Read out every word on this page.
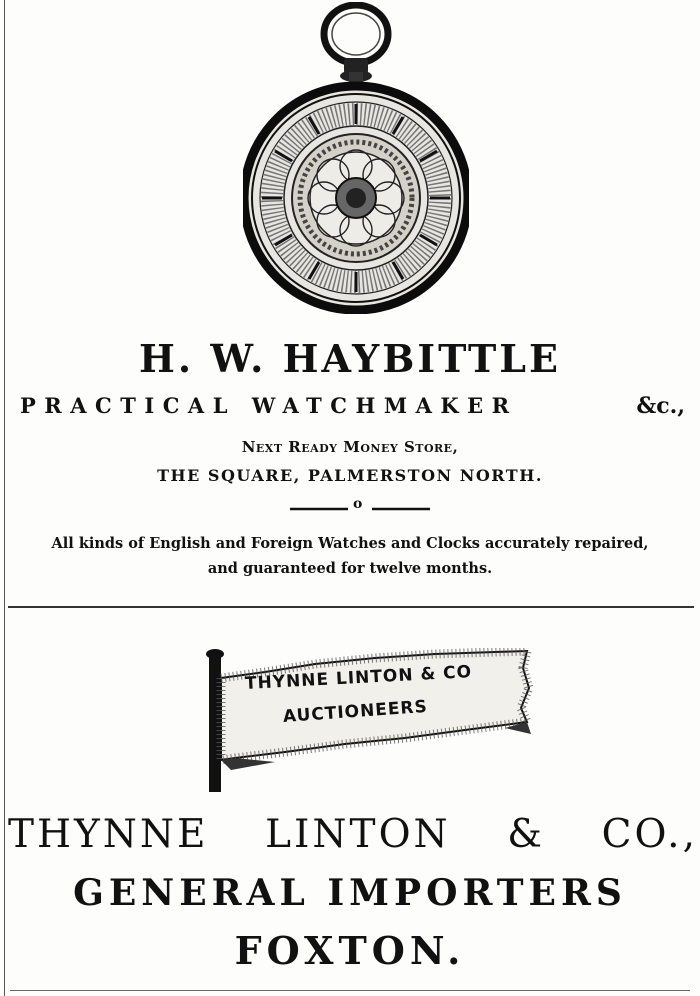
H. W. HAYBITTLE
PRACTICAL WATCHMAKER	&c.,
Next Ready Money Store,
THE SQUARE, PALMERSTON NORTH.
o
All kinds of English and Foreign Watches and Clocks accurately repaired,
and guaranteed for twelve months.
THYNNE LINTON & CO
AUCTIONEERS
THYNNE LINTON & CO.,
GENERAL IMPORTERS
FOXTON.
